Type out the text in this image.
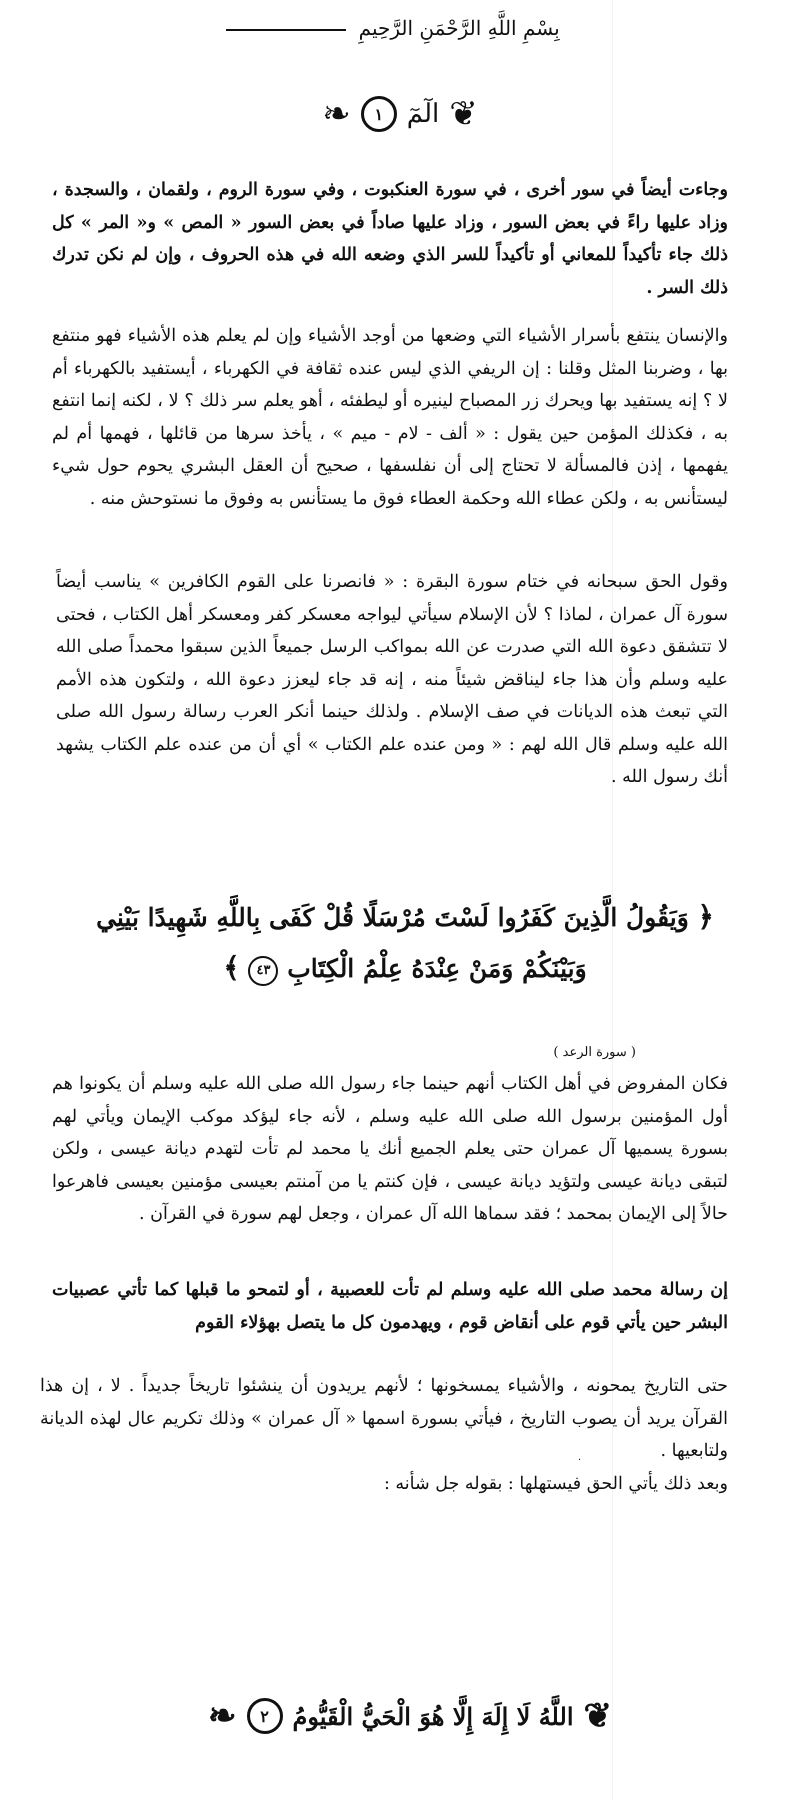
بِسْمِ اللَّهِ الرَّحْمَنِ الرَّحِيمِ
❦
الٓمٓ
١
❧

وجاءت أيضاً في سور أخرى ، في سورة العنكبوت ، وفي سورة الروم ، ولقمان ، والسجدة ، وزاد عليها راءً في بعض السور ، وزاد عليها صاداً في بعض السور « المص » و« المر » كل ذلك جاء تأكيداً للمعاني أو تأكيداً للسر الذي وضعه الله في هذه الحروف ، وإن لم نكن تدرك ذلك السر .

والإنسان ينتفع بأسرار الأشياء التي وضعها من أوجد الأشياء وإن لم يعلم هذه الأشياء فهو منتفع بها ، وضربنا المثل وقلنا : إن الريفي الذي ليس عنده ثقافة في الكهرباء ، أيستفيد بالكهرباء أم لا ؟ إنه يستفيد بها ويحرك زر المصباح لينيره أو ليطفئه ، أهو يعلم سر ذلك ؟ لا ، لكنه إنما انتفع به ، فكذلك المؤمن حين يقول : « ألف - لام - ميم » ، يأخذ سرها من قائلها ، فهمها أم لم يفهمها ، إذن فالمسألة لا تحتاج إلى أن نفلسفها ، صحيح أن العقل البشري يحوم حول شيء ليستأنس به ، ولكن عطاء الله وحكمة العطاء فوق ما يستأنس به وفوق ما نستوحش منه .

وقول الحق سبحانه في ختام سورة البقرة : « فانصرنا على القوم الكافرين » يناسب أيضاً سورة آل عمران ، لماذا ؟ لأن الإسلام سيأتي ليواجه معسكر كفر ومعسكر أهل الكتاب ، فحتى لا تتشقق دعوة الله التي صدرت عن الله بمواكب الرسل جميعاً الذين سبقوا محمداً صلى الله عليه وسلم وأن هذا جاء ليناقض شيئاً منه ، إنه قد جاء ليعزز دعوة الله ، ولتكون هذه الأمم التي تبعث هذه الديانات في صف الإسلام . ولذلك حينما أنكر العرب رسالة رسول الله صلى الله عليه وسلم قال الله لهم : « ومن عنده علم الكتاب » أي أن من عنده علم الكتاب يشهد أنك رسول الله .

﴿ وَيَقُولُ الَّذِينَ كَفَرُوا لَسْتَ مُرْسَلًا قُلْ كَفَى بِاللَّهِ شَهِيدًا بَيْنِي وَبَيْنَكُمْ وَمَنْ عِنْدَهُ عِلْمُ الْكِتَابِ ٤٣ ﴾
( سورة الرعد )

فكان المفروض في أهل الكتاب أنهم حينما جاء رسول الله صلى الله عليه وسلم أن يكونوا هم أول المؤمنين برسول الله صلى الله عليه وسلم ، لأنه جاء ليؤكد موكب الإيمان ويأتي لهم بسورة يسميها آل عمران حتى يعلم الجميع أنك يا محمد لم تأت لتهدم ديانة عيسى ، ولكن لتبقى ديانة عيسى ولتؤيد ديانة عيسى ، فإن كنتم يا من آمنتم بعيسى مؤمنين بعيسى فاهرعوا حالاً إلى الإيمان بمحمد ؛ فقد سماها الله آل عمران ، وجعل لهم سورة في القرآن .

إن رسالة محمد صلى الله عليه وسلم لم تأت للعصبية ، أو لتمحو ما قبلها كما تأتي عصبيات البشر حين يأتي قوم على أنقاض قوم ، ويهدمون كل ما يتصل بهؤلاء القوم

حتى التاريخ يمحونه ، والأشياء يمسخونها ؛ لأنهم يريدون أن ينشئوا تاريخاً جديداً . لا ، إن هذا القرآن يريد أن يصوب التاريخ ، فيأتي بسورة اسمها « آل عمران » وذلك تكريم عال لهذه الديانة ولتابعيها .

وبعد ذلك يأتي الحق فيستهلها : بقوله جل شأنه :

·
❦
اللَّهُ لَا إِلَهَ إِلَّا هُوَ الْحَيُّ الْقَيُّومُ
٢
❧
